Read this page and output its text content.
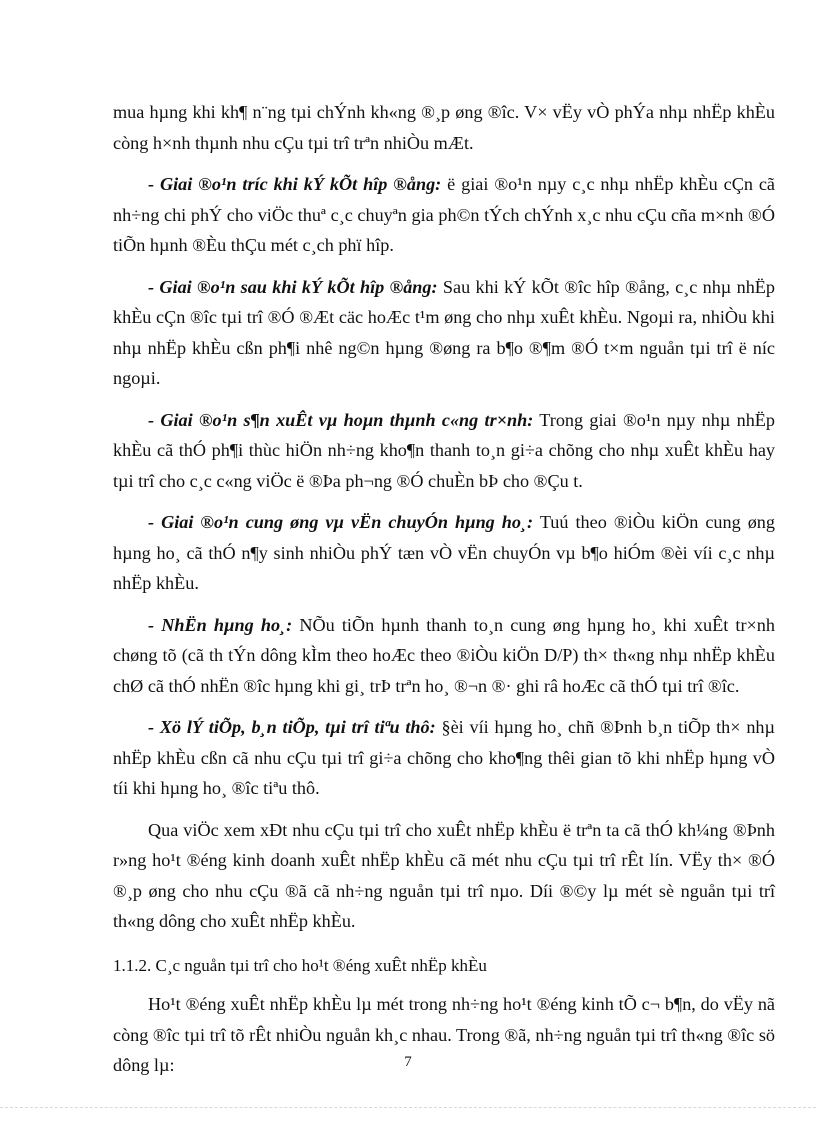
mua hµng khi kh¶ n¨ng tµi chÝnh kh«ng ®¸p øng ®îc. V× vËy vÒ phÝa nhµ nhËp khÈu còng h×nh thµnh nhu cÇu tµi trî trªn nhiÒu mÆt.

- Giai ®o¹n tríc khi kÝ kÕt hîp ®ång: ë giai ®o¹n nµy c¸c nhµ nhËp khÈu cÇn cã nh÷ng chi phÝ cho viÖc thuª c¸c chuyªn gia ph©n tÝch chÝnh x¸c nhu cÇu cña m×nh ®Ó tiÕn hµnh ®Èu thÇu mét c¸ch phï hîp.

- Giai ®o¹n sau khi kÝ kÕt hîp ®ång: Sau khi kÝ kÕt ®îc hîp ®ång, c¸c nhµ nhËp khÈu cÇn ®îc tµi trî ®Ó ®Æt cäc hoÆc t¹m øng cho nhµ xuÊt khÈu. Ngoµi ra, nhiÒu khi nhµ nhËp khÈu cßn ph¶i nhê ng©n hµng ®øng ra b¶o ®¶m ®Ó t×m nguån tµi trî ë níc ngoµi.

- Giai ®o¹n s¶n xuÊt vµ hoµn thµnh c«ng tr×nh: Trong giai ®o¹n nµy nhµ nhËp khÈu cã thÓ ph¶i thùc hiÖn nh÷ng kho¶n thanh to¸n gi÷a chõng cho nhµ xuÊt khÈu hay tµi trî cho c¸c c«ng viÖc ë ®Þa ph¬ng ®Ó chuÈn bÞ cho ®Çu t.

- Giai ®o¹n cung øng vµ vËn chuyÓn hµng ho¸: Tuú theo ®iÒu kiÖn cung øng hµng ho¸ cã thÓ n¶y sinh nhiÒu phÝ tæn vÒ vËn chuyÓn vµ b¶o hiÓm ®èi víi c¸c nhµ nhËp khÈu.

- NhËn hµng ho¸: NÕu tiÕn hµnh thanh to¸n cung øng hµng ho¸ khi xuÊt tr×nh chøng tõ (cã th tÝn dông kÌm theo hoÆc theo ®iÒu kiÖn D/P) th× th«ng nhµ nhËp khÈu chØ cã thÓ nhËn ®îc hµng khi gi¸ trÞ trªn ho¸ ®¬n ®· ghi râ hoÆc cã thÓ tµi trî ®îc.

- Xö lÝ tiÕp, b¸n tiÕp, tµi trî tiªu thô: §èi víi hµng ho¸ chñ ®Þnh b¸n tiÕp th× nhµ nhËp khÈu cßn cã nhu cÇu tµi trî gi÷a chõng cho kho¶ng thêi gian tõ khi nhËp hµng vÒ tíi khi hµng ho¸ ®îc tiªu thô.

Qua viÖc xem xÐt nhu cÇu tµi trî cho xuÊt nhËp khÈu ë trªn ta cã thÓ kh¼ng ®Þnh r»ng ho¹t ®éng kinh doanh xuÊt nhËp khÈu cã mét nhu cÇu tµi trî rÊt lín. VËy th× ®Ó ®¸p øng cho nhu cÇu ®ã cã nh÷ng nguån tµi trî nµo. Díi ®©y lµ mét sè nguån tµi trî th«ng dông cho xuÊt nhËp khÈu.

1.1.2. C¸c nguån tµi trî cho ho¹t ®éng xuÊt nhËp khÈu

Ho¹t ®éng xuÊt nhËp khÈu lµ mét trong nh÷ng ho¹t ®éng kinh tÕ c¬ b¶n, do vËy nã còng ®îc tµi trî tõ rÊt nhiÒu nguån kh¸c nhau. Trong ®ã, nh÷ng nguån tµi trî th«ng ®îc sö dông lµ:	7
